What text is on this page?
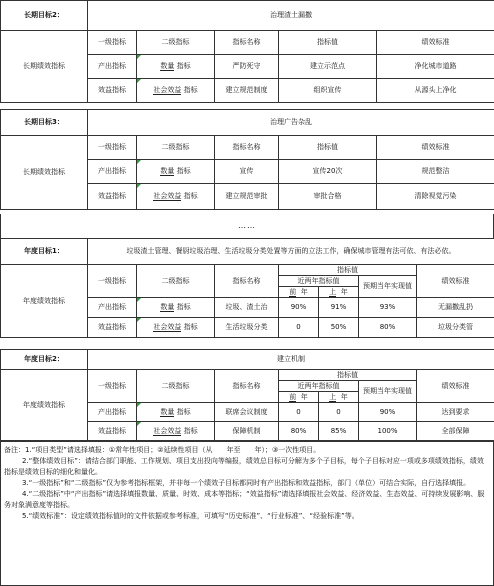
长期目标2：	治理渣土漏撒				
长期绩效指标	一级指标	二级指标	指标名称	指标值	绩效标准
	产出指标	数量 指标	严防死守	建立示范点	净化城市道路
	效益指标	社会效益 指标	建立规范制度	组织宣传	从源头上净化
长期目标3：	治理广告杂乱				
长期绩效指标	一级指标	二级指标	指标名称	指标值	绩效标准
	产出指标	数量 指标	宣传	宣传20次	规范整洁
	效益指标	社会效益 指标	建立规范审批	审批合格	清除视觉污染
……
年度目标1：	垃圾渣土管理、餐厨垃圾治理、生活垃圾分类处置等方面的立法工作，确保城市管理有法可依、有法必依。						
年度绩效指标	一级指标	二级指标	指标名称	指标值			绩效标准
				近两年指标值		预期当年实现值	
				前 年	上 年		
	产出指标	数量 指标	垃圾、渣土治	90%	91%	93%	无漏撒乱扔
	效益指标	社会效益 指标	生活垃圾分类	0	50%	80%	垃圾分类管
年度目标2：	建立机制						
年度绩效指标	一级指标	二级指标	指标名称	指标值			绩效标准
				近两年指标值		预期当年实现值	
				前 年	上 年		
	产出指标	数量 指标	联席会议制度	0	0	90%	达到要求
	效益指标	社会效益 指标	保障机制	80%	85%	100%	全部保障

备注：1.“项目类型”请选择填报：①常年性项目；②延续性项目（从　　年至　　年）；③一次性项目。

2.“整体绩效目标”：请结合部门职能、工作规划、项目支出投向等编报，绩效总目标可分解为多个子目标，每个子目标对应一项或多项绩效指标，绩效指标是绩效目标的细化和量化。

3.“一级指标”和“二级指标”仅为参考指标框架，并非每一个绩效子目标都同时有产出指标和效益指标，部门（单位）可结合实际，自行选择填报。

4.“二级指标”中“产出指标”请选择填报数量、质量、时效、成本等指标；“效益指标”请选择填报社会效益、经济效益、生态效益、可持续发展影响、服务对象满意度等指标。

5.“绩效标准”：设定绩效指标值时的文件依据或参考标准，可填写“历史标准”、“行业标准”、“经验标准”等。
